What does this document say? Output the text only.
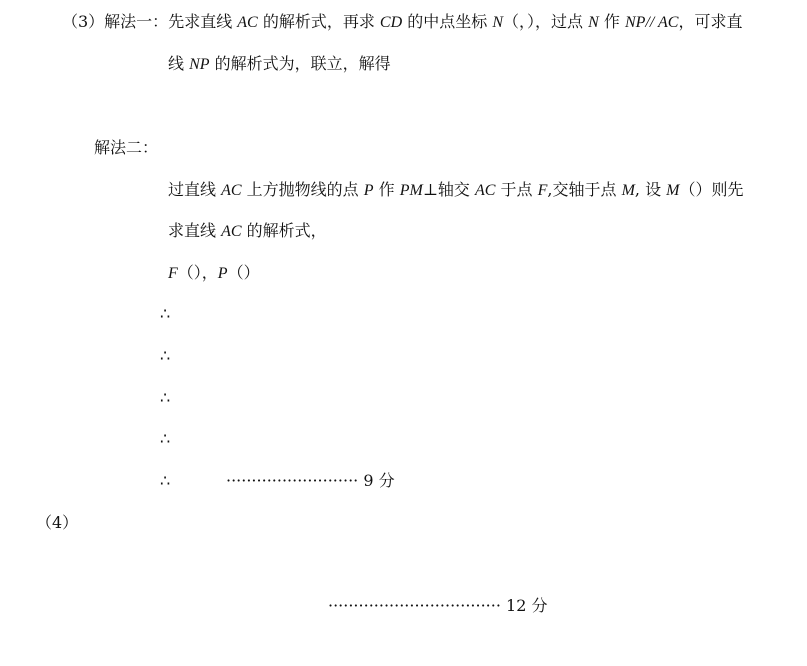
（3）解法一：先求直线 AC 的解析式，再求 CD 的中点坐标 N（，），过点 N 作 NP// AC，可求直
线 NP 的解析式为，联立，解得
解法二：
过直线 AC 上方抛物线的点 P 作 PM⊥轴交 AC 于点 F,交轴于点 M, 设 M（）则先
求直线 AC 的解析式，
F（），P（）
∴
∴
∴
∴
∴	·························· 9 分
（4）
·································· 12 分
